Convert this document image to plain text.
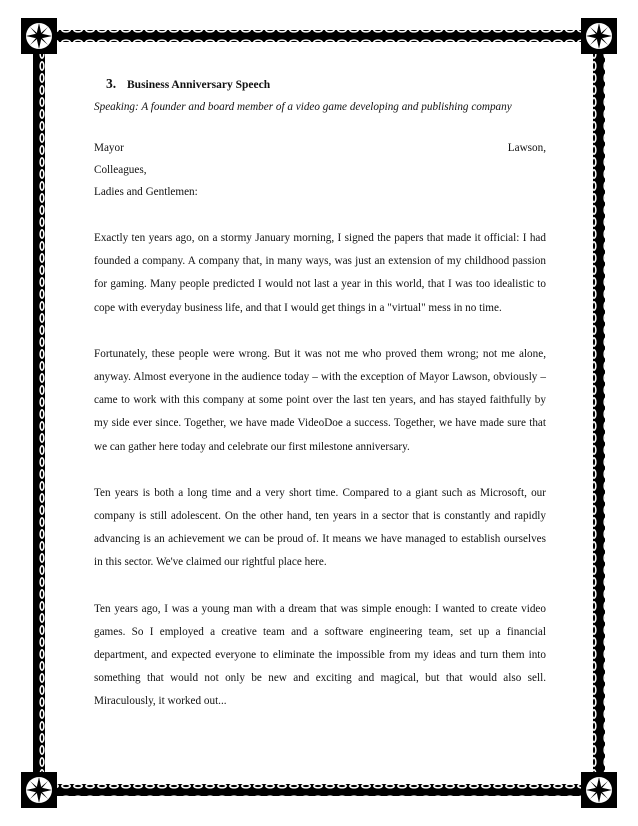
3. Business Anniversary Speech
Speaking: A founder and board member of a video game developing and publishing company
Mayor	Lawson,
Colleagues,
Ladies and Gentlemen:

Exactly ten years ago, on a stormy January morning, I signed the papers that made it official: I had founded a company. A company that, in many ways, was just an extension of my childhood passion for gaming. Many people predicted I would not last a year in this world, that I was too idealistic to cope with everyday business life, and that I would get things in a "virtual" mess in no time.

Fortunately, these people were wrong. But it was not me who proved them wrong; not me alone, anyway. Almost everyone in the audience today – with the exception of Mayor Lawson, obviously – came to work with this company at some point over the last ten years, and has stayed faithfully by my side ever since. Together, we have made VideoDoe a success. Together, we have made sure that we can gather here today and celebrate our first milestone anniversary.

Ten years is both a long time and a very short time. Compared to a giant such as Microsoft, our company is still adolescent. On the other hand, ten years in a sector that is constantly and rapidly advancing is an achievement we can be proud of. It means we have managed to establish ourselves in this sector. We've claimed our rightful place here.

Ten years ago, I was a young man with a dream that was simple enough: I wanted to create video games. So I employed a creative team and a software engineering team, set up a financial department, and expected everyone to eliminate the impossible from my ideas and turn them into something that would not only be new and exciting and magical, but that would also sell. Miraculously, it worked out...
